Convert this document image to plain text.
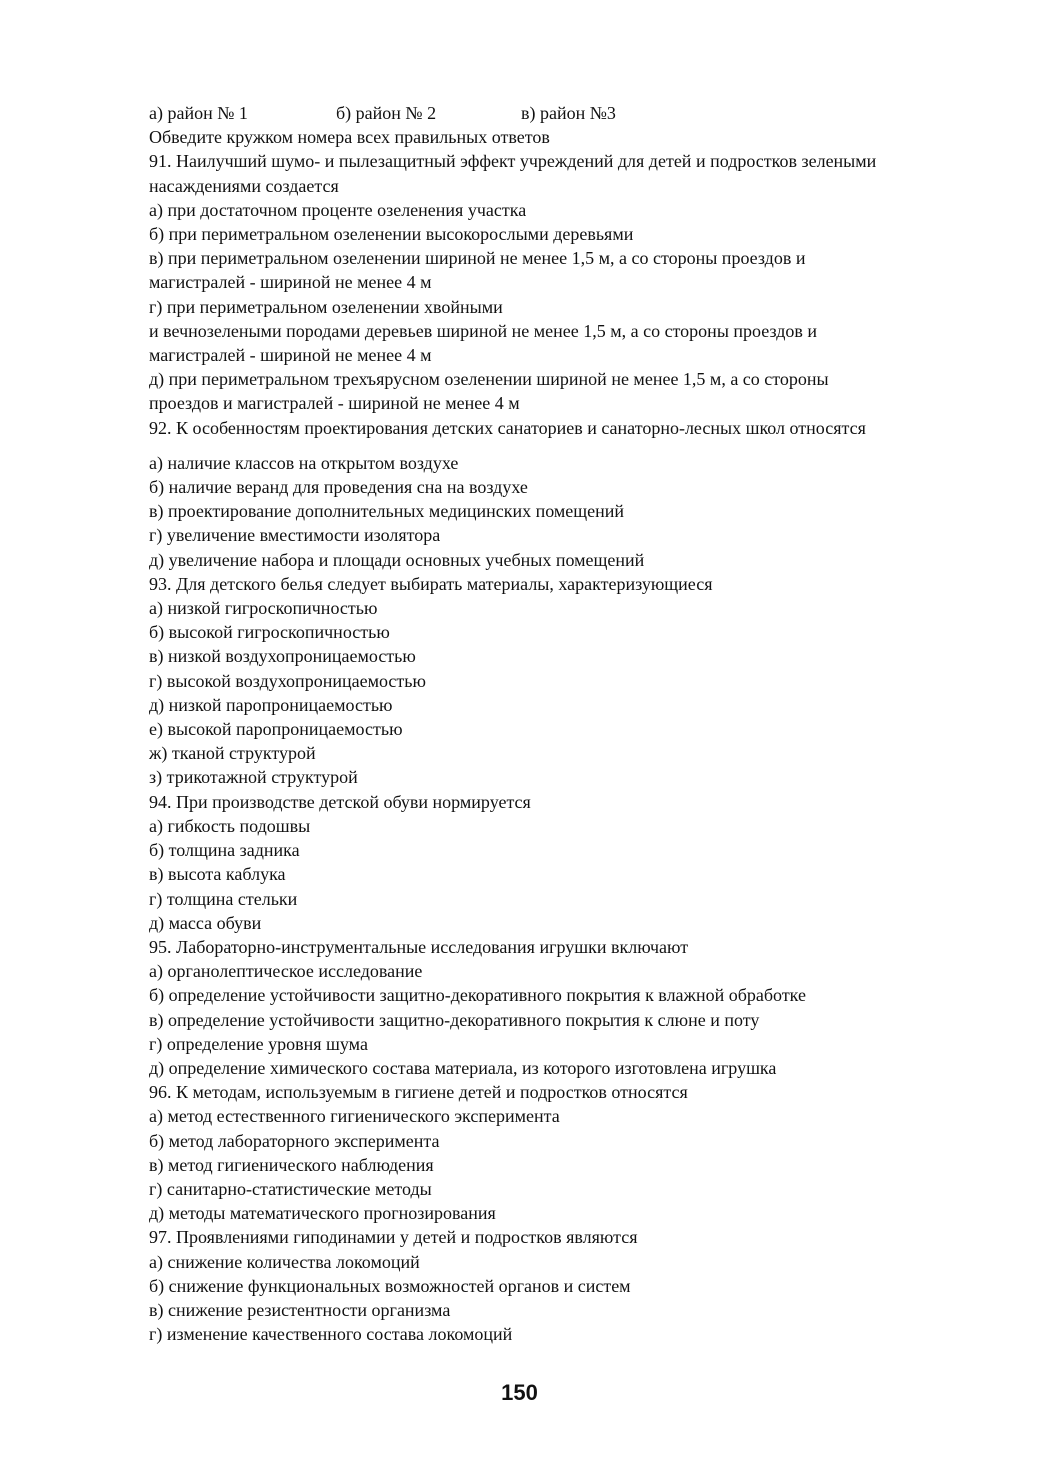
а) район № 1	б) район № 2	в) район №3
Обведите кружком номера всех правильных ответов
91. Наилучший шумо- и пылезащитный эффект учреждений для детей и подростков зелеными
насаждениями создается
а) при достаточном проценте озеленения участка
б) при периметральном озеленении высокорослыми деревьями
в) при периметральном озеленении шириной не менее 1,5 м, а со стороны проездов и
магистралей - шириной не менее 4 м
г) при периметральном озеленении хвойными
и вечнозелеными породами деревьев шириной не менее 1,5 м, а со стороны проездов и
магистралей - шириной не менее 4 м
д) при периметральном трехъярусном озеленении шириной не менее 1,5 м, а со стороны
проездов и магистралей - шириной не менее 4 м
92. К особенностям проектирования детских санаториев и санаторно-лесных школ относятся
а) наличие классов на открытом воздухе
б) наличие веранд для проведения сна на воздухе
в) проектирование дополнительных медицинских помещений
г) увеличение вместимости изолятора
д) увеличение набора и площади основных учебных помещений
93. Для детского белья следует выбирать материалы, характеризующиеся
а) низкой гигроскопичностью
б) высокой гигроскопичностью
в) низкой воздухопроницаемостью
г) высокой воздухопроницаемостью
д) низкой паропроницаемостью
е) высокой паропроницаемостью
ж) тканой структурой
з) трикотажной структурой
94. При производстве детской обуви нормируется
а) гибкость подошвы
б) толщина задника
в) высота каблука
г) толщина стельки
д) масса обуви
95. Лабораторно-инструментальные исследования игрушки включают
а) органолептическое исследование
б) определение устойчивости защитно-декоративного покрытия к влажной обработке
в) определение устойчивости защитно-декоративного покрытия к слюне и поту
г) определение уровня шума
д) определение химического состава материала, из которого изготовлена игрушка
96. К методам, используемым в гигиене детей и подростков относятся
а) метод естественного гигиенического эксперимента
б) метод лабораторного эксперимента
в) метод гигиенического наблюдения
г) санитарно-статистические методы
д) методы математического прогнозирования
97. Проявлениями гиподинамии у детей и подростков являются
а) снижение количества локомоций
б) снижение функциональных возможностей органов и систем
в) снижение резистентности организма
г) изменение качественного состава локомоций
150
